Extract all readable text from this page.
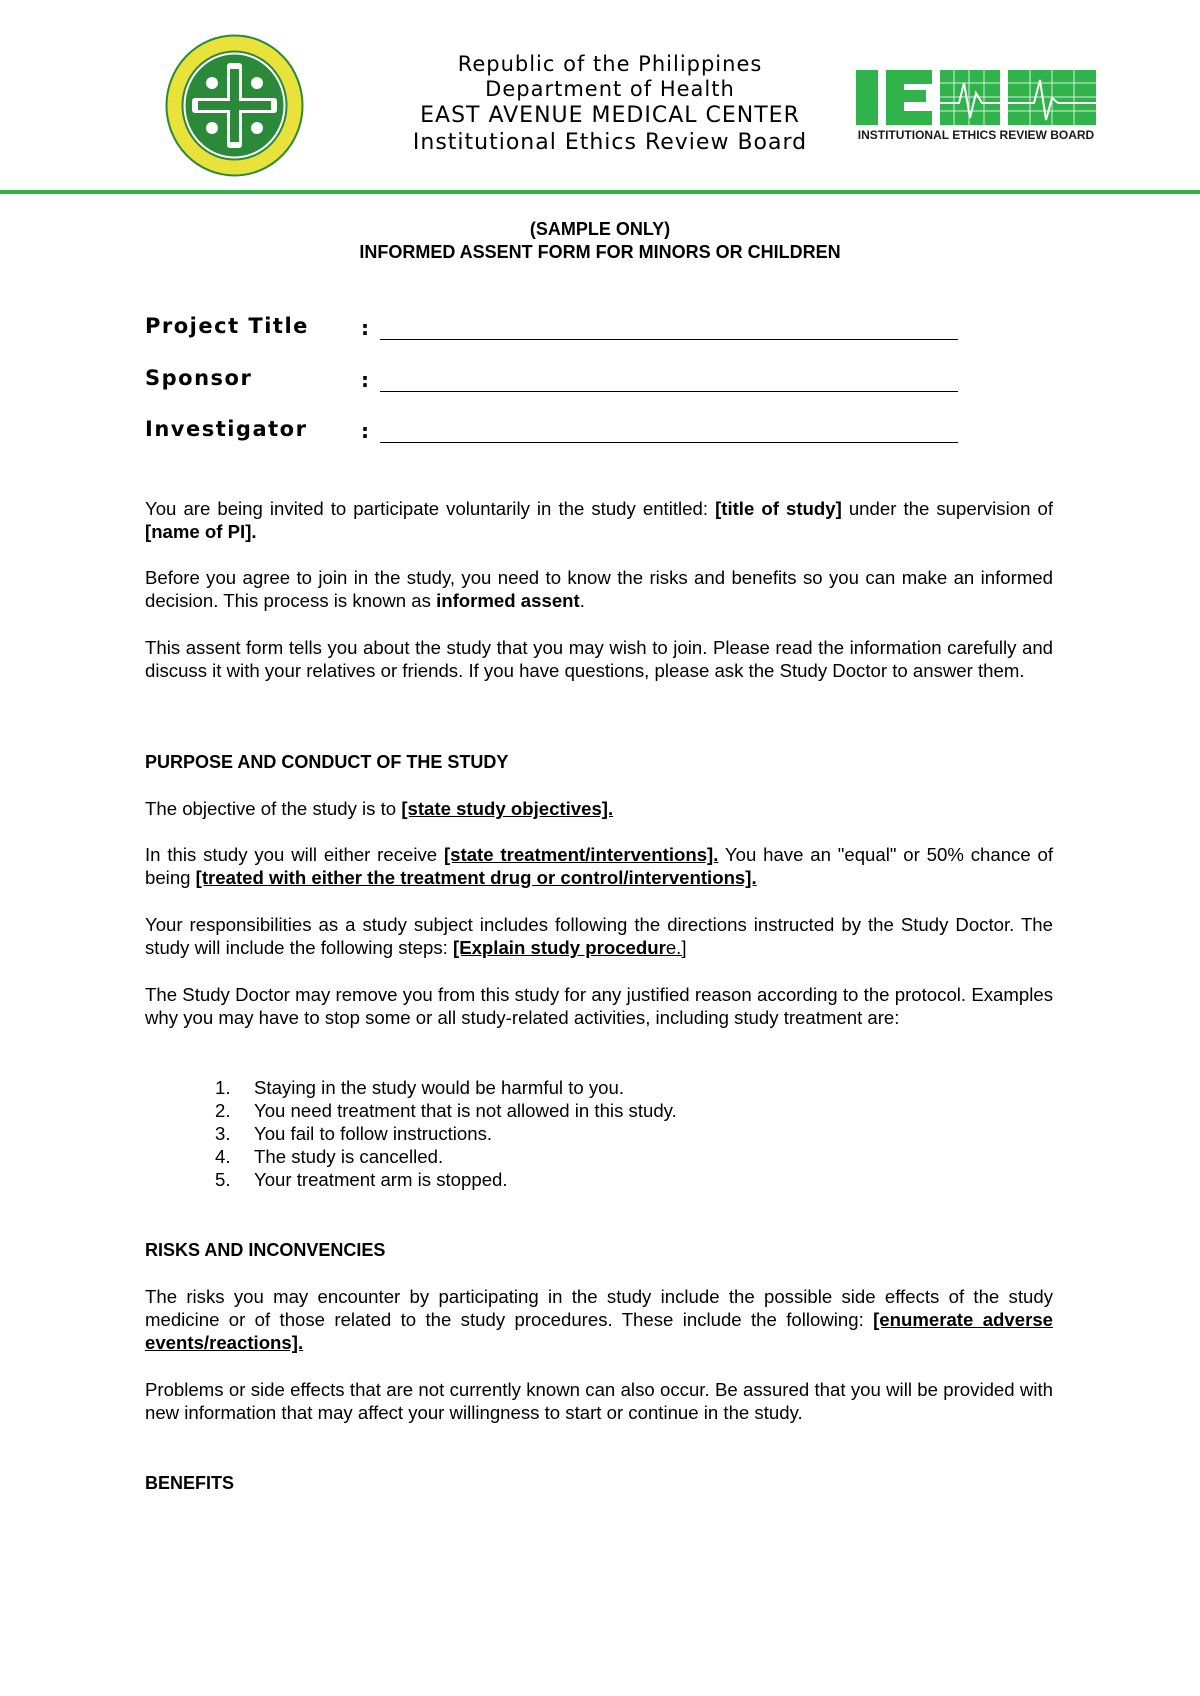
Republic of the Philippines
Department of Health
EAST AVENUE MEDICAL CENTER
Institutional Ethics Review Board	INSTITUTIONAL ETHICS REVIEW BOARD
(SAMPLE ONLY)
INFORMED ASSENT FORM FOR MINORS OR CHILDREN
Project Title	:
Sponsor	:
Investigator	:
You are being invited to participate voluntarily in the study entitled: [title of study] under the supervision of [name of PI].
Before you agree to join in the study, you need to know the risks and benefits so you can make an informed decision. This process is known as informed assent.
This assent form tells you about the study that you may wish to join. Please read the information carefully and discuss it with your relatives or friends. If you have questions, please ask the Study Doctor to answer them.
PURPOSE AND CONDUCT OF THE STUDY
The objective of the study is to [state study objectives].
In this study you will either receive [state treatment/interventions]. You have an "equal" or 50% chance of being [treated with either the treatment drug or control/interventions].
Your responsibilities as a study subject includes following the directions instructed by the Study Doctor. The study will include the following steps: [Explain study procedure.]
The Study Doctor may remove you from this study for any justified reason according to the protocol. Examples why you may have to stop some or all study-related activities, including study treatment are:
1.	Staying in the study would be harmful to you.
2.	You need treatment that is not allowed in this study.
3.	You fail to follow instructions.
4.	The study is cancelled.
5.	Your treatment arm is stopped.
RISKS AND INCONVENCIES
The risks you may encounter by participating in the study include the possible side effects of the study medicine or of those related to the study procedures. These include the following: [enumerate adverse events/reactions].
Problems or side effects that are not currently known can also occur. Be assured that you will be provided with new information that may affect your willingness to start or continue in the study.
BENEFITS
